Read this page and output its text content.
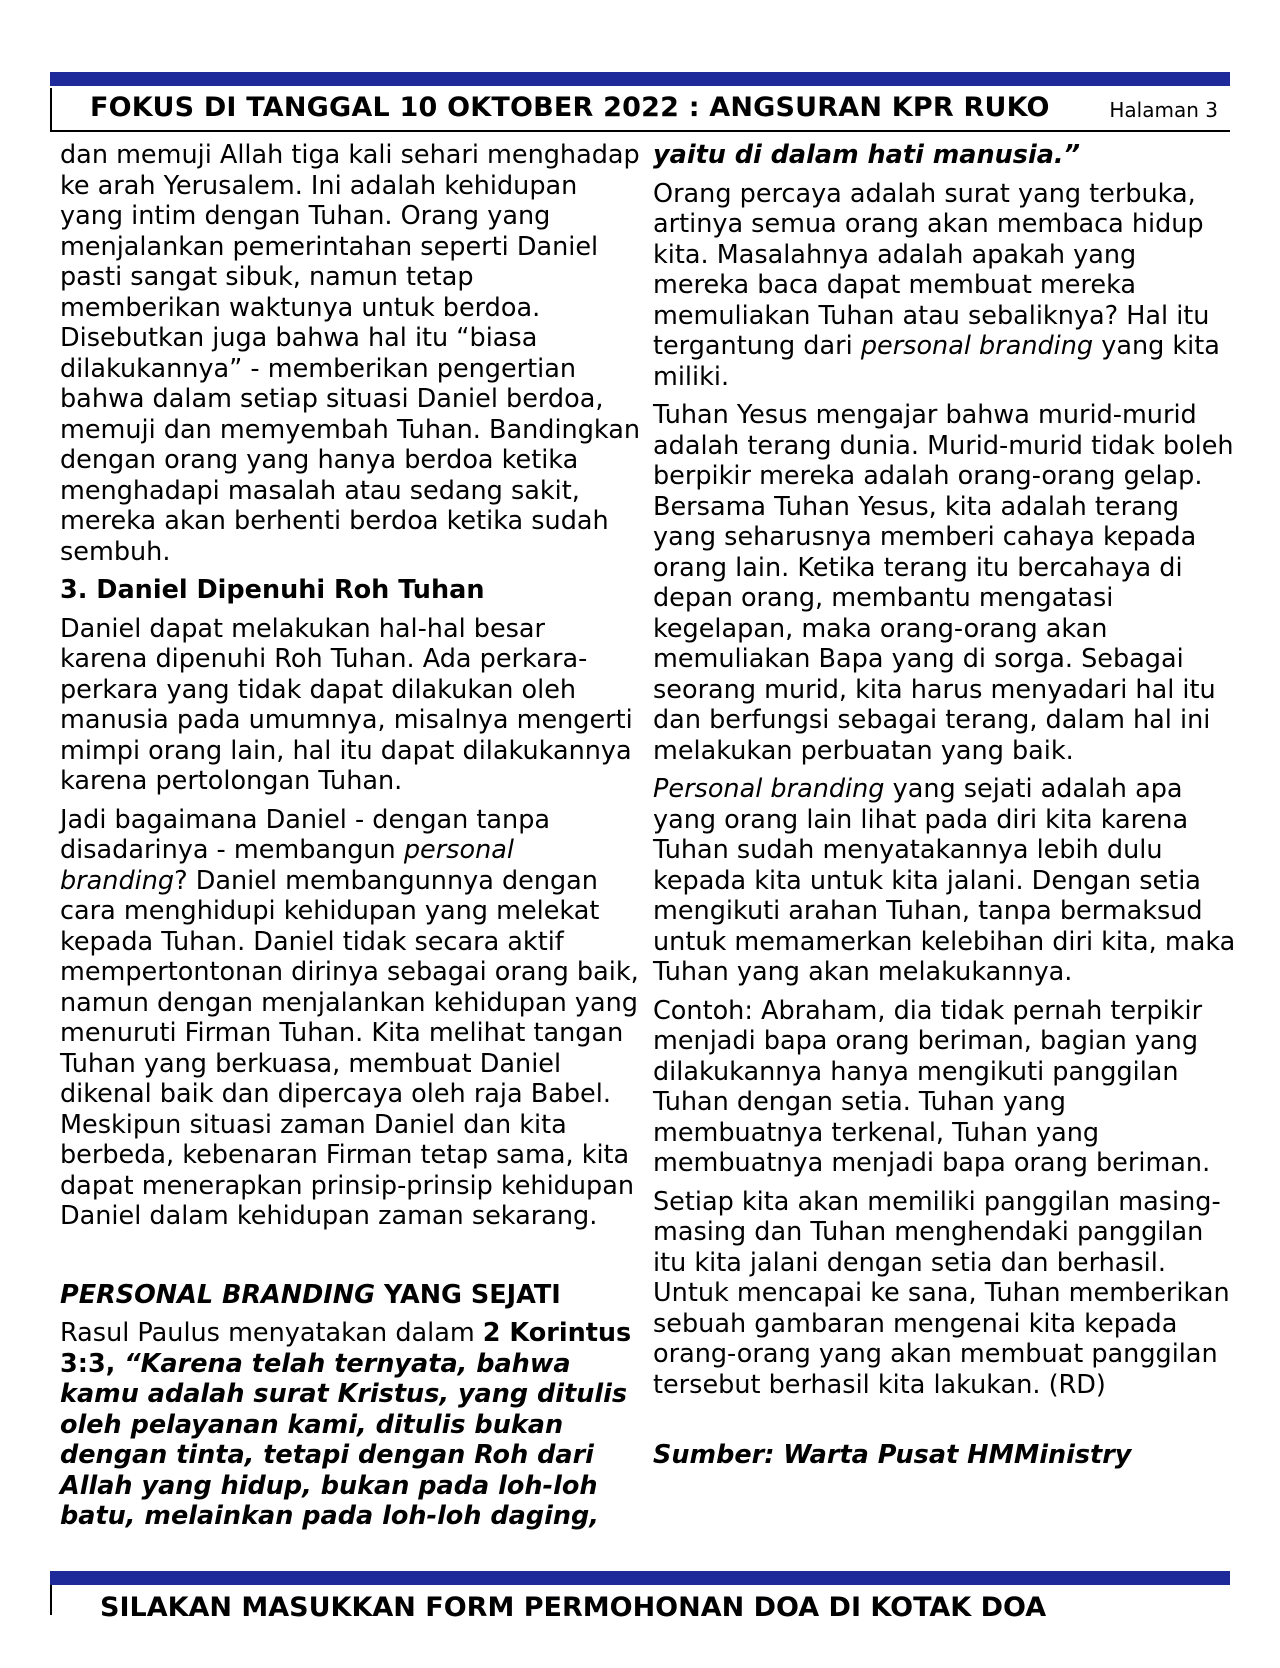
FOKUS DI TANGGAL 10 OKTOBER 2022 : ANGSURAN KPR RUKO	Halaman 3

dan memuji Allah tiga kali sehari menghadap ke arah Yerusalem. Ini adalah kehidupan yang intim dengan Tuhan. Orang yang menjalankan pemerintahan seperti Daniel pasti sangat sibuk, namun tetap memberikan waktunya untuk berdoa. Disebutkan juga bahwa hal itu “biasa dilakukannya” - memberikan pengertian bahwa dalam setiap situasi Daniel berdoa, memuji dan memyembah Tuhan. Bandingkan dengan orang yang hanya berdoa ketika menghadapi masalah atau sedang sakit, mereka akan berhenti berdoa ketika sudah sembuh.

3. Daniel Dipenuhi Roh Tuhan

Daniel dapat melakukan hal-hal besar karena dipenuhi Roh Tuhan. Ada perkara-perkara yang tidak dapat dilakukan oleh manusia pada umumnya, misalnya mengerti mimpi orang lain, hal itu dapat dilakukannya karena pertolongan Tuhan.

Jadi bagaimana Daniel - dengan tanpa disadarinya - membangun personal branding? Daniel membangunnya dengan cara menghidupi kehidupan yang melekat kepada Tuhan. Daniel tidak secara aktif mempertontonan dirinya sebagai orang baik, namun dengan menjalankan kehidupan yang menuruti Firman Tuhan. Kita melihat tangan Tuhan yang berkuasa, membuat Daniel dikenal baik dan dipercaya oleh raja Babel. Meskipun situasi zaman Daniel dan kita berbeda, kebenaran Firman tetap sama, kita dapat menerapkan prinsip-prinsip kehidupan Daniel dalam kehidupan zaman sekarang.

PERSONAL BRANDING YANG SEJATI

Rasul Paulus menyatakan dalam 2 Korintus 3:3, “Karena telah ternyata, bahwa kamu adalah surat Kristus, yang ditulis oleh pelayanan kami, ditulis bukan dengan tinta, tetapi dengan Roh dari Allah yang hidup, bukan pada loh-loh batu, melainkan pada loh-loh daging,

yaitu di dalam hati manusia.”

Orang percaya adalah surat yang terbuka, artinya semua orang akan membaca hidup kita. Masalahnya adalah apakah yang mereka baca dapat membuat mereka memuliakan Tuhan atau sebaliknya? Hal itu tergantung dari personal branding yang kita miliki.

Tuhan Yesus mengajar bahwa murid-murid adalah terang dunia. Murid-murid tidak boleh berpikir mereka adalah orang-orang gelap. Bersama Tuhan Yesus, kita adalah terang yang seharusnya memberi cahaya kepada orang lain. Ketika terang itu bercahaya di depan orang, membantu mengatasi kegelapan, maka orang-orang akan memuliakan Bapa yang di sorga. Sebagai seorang murid, kita harus menyadari hal itu dan berfungsi sebagai terang, dalam hal ini melakukan perbuatan yang baik.

Personal branding yang sejati adalah apa yang orang lain lihat pada diri kita karena Tuhan sudah menyatakannya lebih dulu kepada kita untuk kita jalani. Dengan setia mengikuti arahan Tuhan, tanpa bermaksud untuk memamerkan kelebihan diri kita, maka Tuhan yang akan melakukannya.

Contoh: Abraham, dia tidak pernah terpikir menjadi bapa orang beriman, bagian yang dilakukannya hanya mengikuti panggilan Tuhan dengan setia. Tuhan yang membuatnya terkenal, Tuhan yang membuatnya menjadi bapa orang beriman.

Setiap kita akan memiliki panggilan masing-masing dan Tuhan menghendaki panggilan itu kita jalani dengan setia dan berhasil. Untuk mencapai ke sana, Tuhan memberikan sebuah gambaran mengenai kita kepada orang-orang yang akan membuat panggilan tersebut berhasil kita lakukan. (RD)

Sumber: Warta Pusat HMMinistry

SILAKAN MASUKKAN FORM PERMOHONAN DOA DI KOTAK DOA
